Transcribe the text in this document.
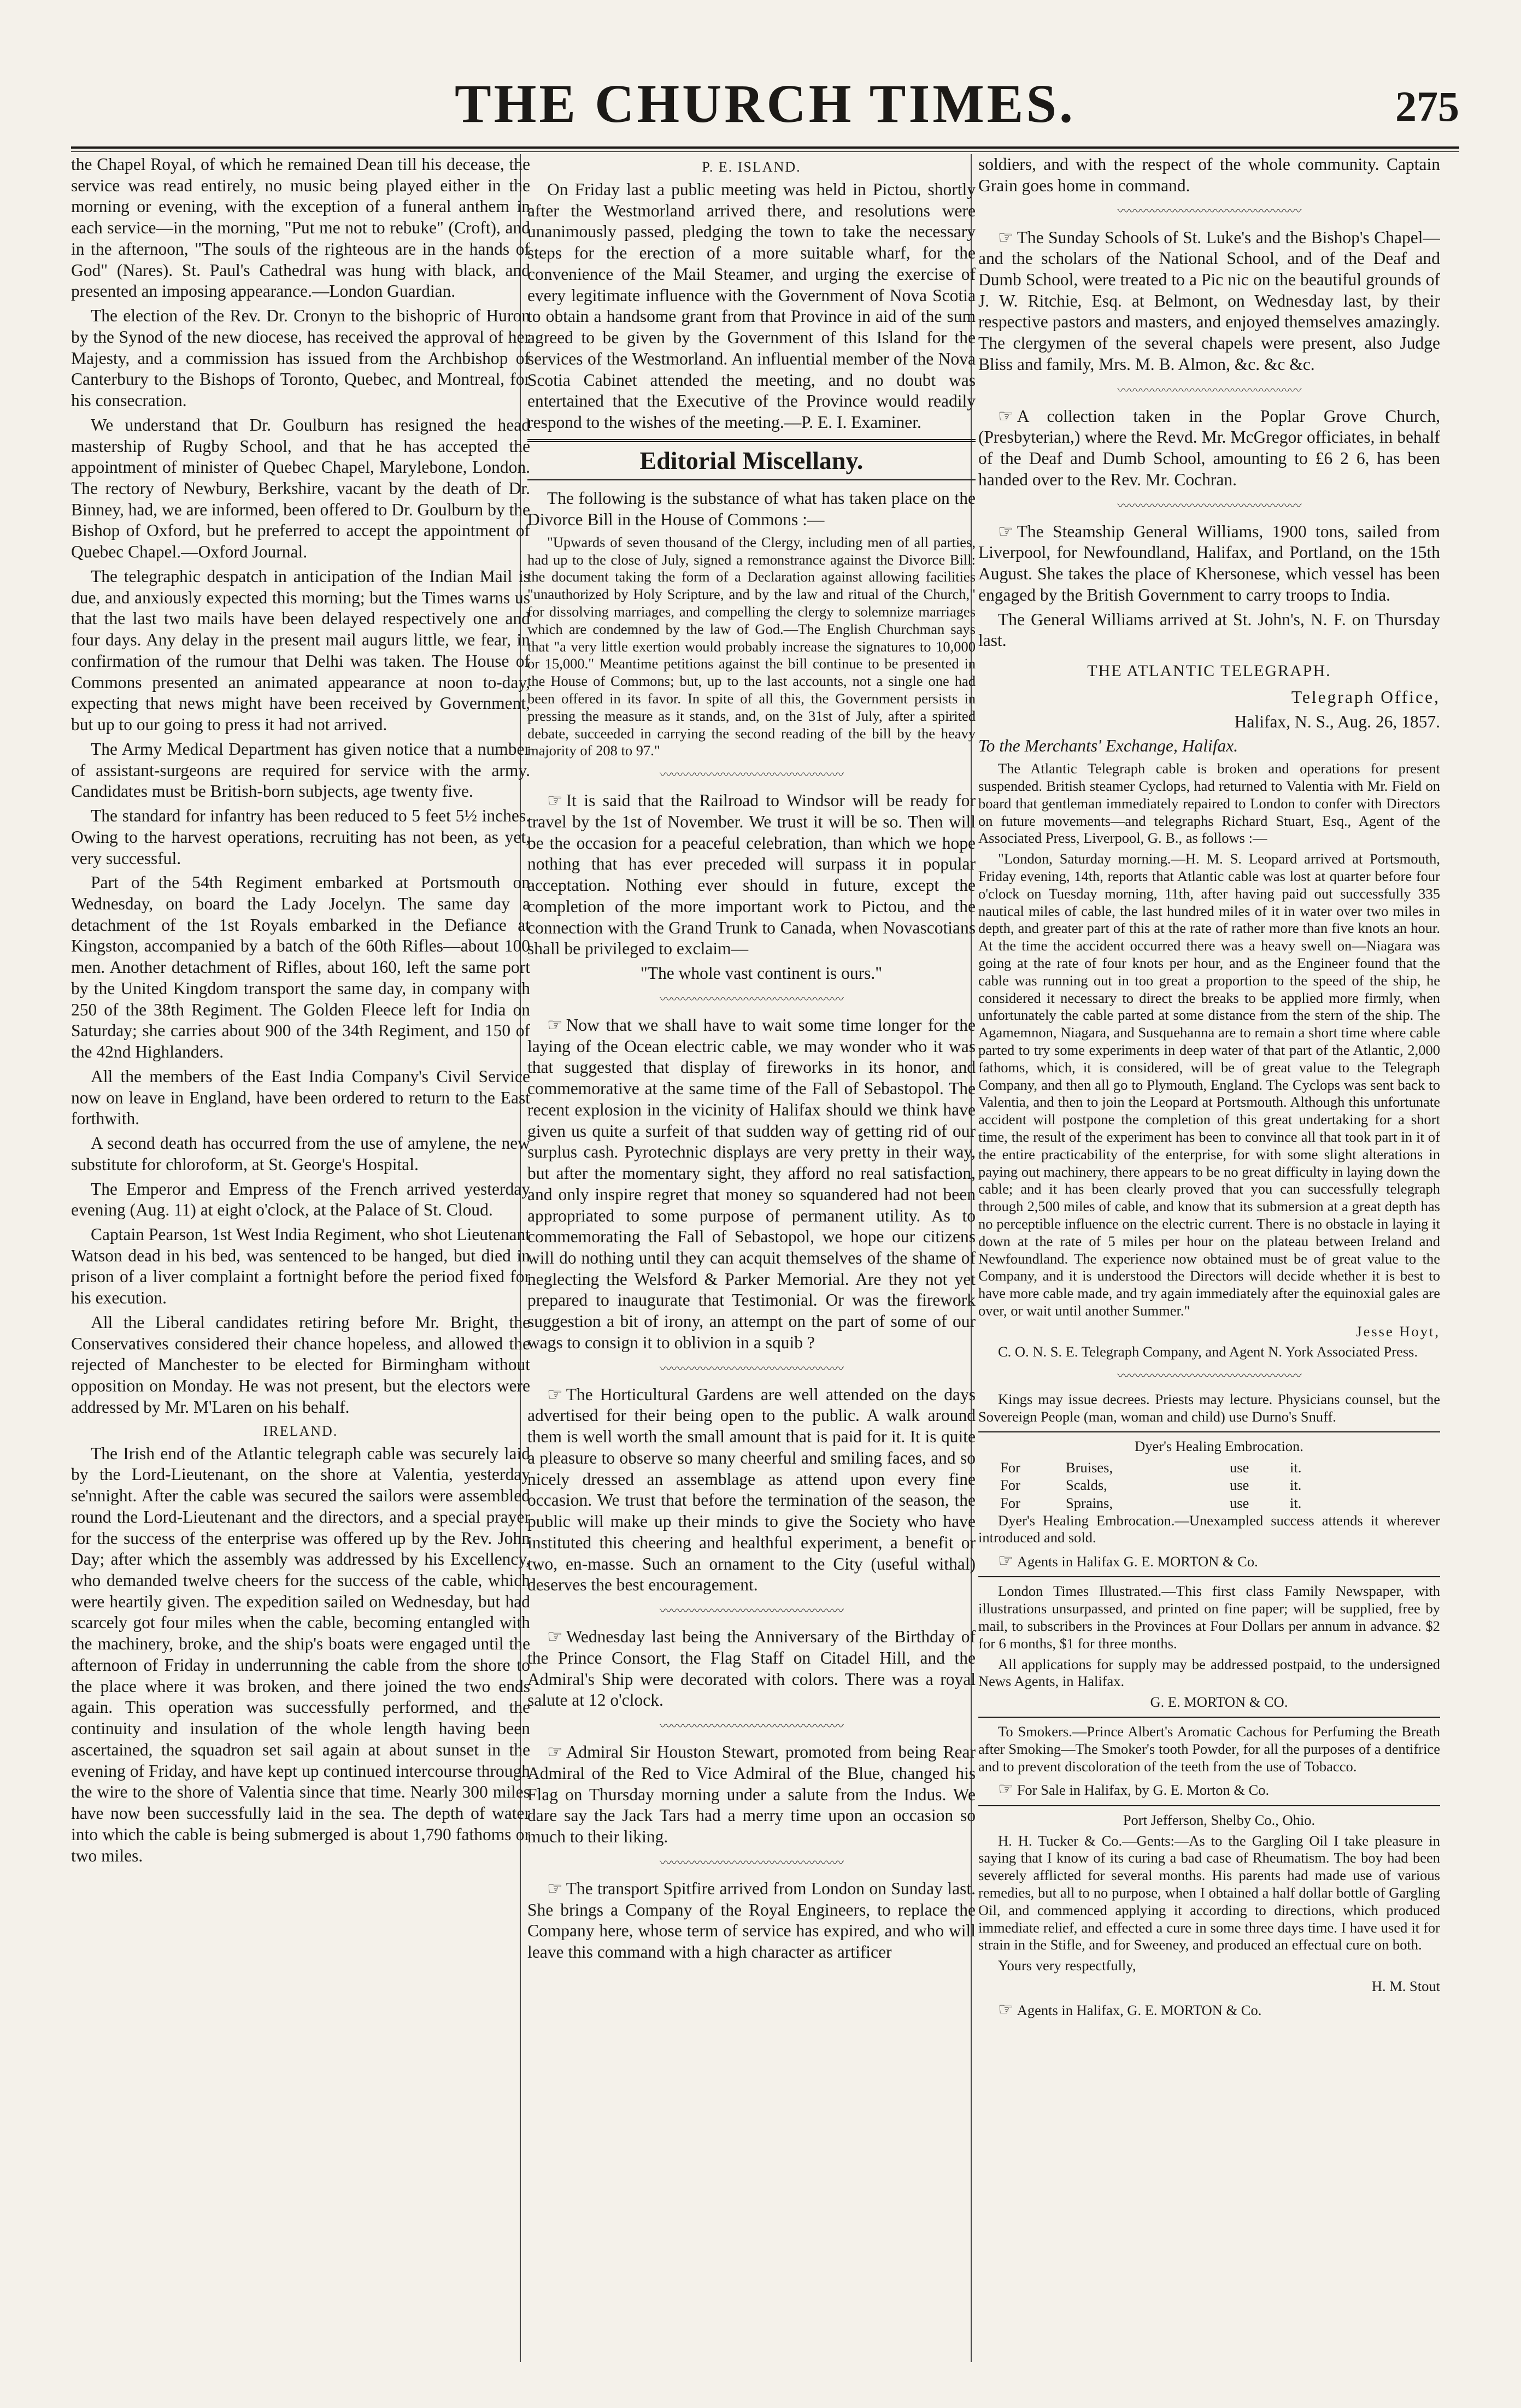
THE CHURCH TIMES.	275

the Chapel Royal, of which he remained Dean till his decease, the service was read entirely, no music being played either in the morning or evening, with the exception of a funeral anthem in each service—in the morning, "Put me not to rebuke" (Croft), and in the afternoon, "The souls of the righteous are in the hands of God" (Nares). St. Paul's Cathedral was hung with black, and presented an imposing appearance.—London Guardian.

The election of the Rev. Dr. Cronyn to the bishopric of Huron by the Synod of the new diocese, has received the approval of her Majesty, and a commission has issued from the Archbishop of Canterbury to the Bishops of Toronto, Quebec, and Montreal, for his consecration.

We understand that Dr. Goulburn has resigned the head mastership of Rugby School, and that he has accepted the appointment of minister of Quebec Chapel, Marylebone, London. The rectory of Newbury, Berkshire, vacant by the death of Dr. Binney, had, we are informed, been offered to Dr. Goulburn by the Bishop of Oxford, but he preferred to accept the appointment of Quebec Chapel.—Oxford Journal.

The telegraphic despatch in anticipation of the Indian Mail is due, and anxiously expected this morning; but the Times warns us that the last two mails have been delayed respectively one and four days. Any delay in the present mail augurs little, we fear, in confirmation of the rumour that Delhi was taken. The House of Commons presented an animated appearance at noon to-day, expecting that news might have been received by Government, but up to our going to press it had not arrived.

The Army Medical Department has given notice that a number of assistant-surgeons are required for service with the army. Candidates must be British-born subjects, age twenty five.

The standard for infantry has been reduced to 5 feet 5½ inches. Owing to the harvest operations, recruiting has not been, as yet, very successful.

Part of the 54th Regiment embarked at Portsmouth on Wednesday, on board the Lady Jocelyn. The same day a detachment of the 1st Royals embarked in the Defiance at Kingston, accompanied by a batch of the 60th Rifles—about 100 men. Another detachment of Rifles, about 160, left the same port by the United Kingdom transport the same day, in company with 250 of the 38th Regiment. The Golden Fleece left for India on Saturday; she carries about 900 of the 34th Regiment, and 150 of the 42nd Highlanders.

All the members of the East India Company's Civil Service now on leave in England, have been ordered to return to the East forthwith.

A second death has occurred from the use of amylene, the new substitute for chloroform, at St. George's Hospital.

The Emperor and Empress of the French arrived yesterday evening (Aug. 11) at eight o'clock, at the Palace of St. Cloud.

Captain Pearson, 1st West India Regiment, who shot Lieutenant Watson dead in his bed, was sentenced to be hanged, but died in prison of a liver complaint a fortnight before the period fixed for his execution.

All the Liberal candidates retiring before Mr. Bright, the Conservatives considered their chance hopeless, and allowed the rejected of Manchester to be elected for Birmingham without opposition on Monday. He was not present, but the electors were addressed by Mr. M'Laren on his behalf.

IRELAND.

The Irish end of the Atlantic telegraph cable was securely laid by the Lord-Lieutenant, on the shore at Valentia, yesterday se'nnight. After the cable was secured the sailors were assembled round the Lord-Lieutenant and the directors, and a special prayer for the success of the enterprise was offered up by the Rev. John Day; after which the assembly was addressed by his Excellency, who demanded twelve cheers for the success of the cable, which were heartily given. The expedition sailed on Wednesday, but had scarcely got four miles when the cable, becoming entangled with the machinery, broke, and the ship's boats were engaged until the afternoon of Friday in underrunning the cable from the shore to the place where it was broken, and there joined the two ends again. This operation was successfully performed, and the continuity and insulation of the whole length having been ascertained, the squadron set sail again at about sunset in the evening of Friday, and have kept up continued intercourse through the wire to the shore of Valentia since that time. Nearly 300 miles have now been successfully laid in the sea. The depth of water into which the cable is being submerged is about 1,790 fathoms or two miles.

P. E. ISLAND.

On Friday last a public meeting was held in Pictou, shortly after the Westmorland arrived there, and resolutions were unanimously passed, pledging the town to take the necessary steps for the erection of a more suitable wharf, for the convenience of the Mail Steamer, and urging the exercise of every legitimate influence with the Government of Nova Scotia to obtain a handsome grant from that Province in aid of the sum agreed to be given by the Government of this Island for the services of the Westmorland. An influential member of the Nova Scotia Cabinet attended the meeting, and no doubt was entertained that the Executive of the Province would readily respond to the wishes of the meeting.—P. E. I. Examiner.

Editorial Miscellany.

The following is the substance of what has taken place on the Divorce Bill in the House of Commons :—

"Upwards of seven thousand of the Clergy, including men of all parties, had up to the close of July, signed a remonstrance against the Divorce Bill: the document taking the form of a Declaration against allowing facilities "unauthorized by Holy Scripture, and by the law and ritual of the Church," for dissolving marriages, and compelling the clergy to solemnize marriages which are condemned by the law of God.—The English Churchman says that "a very little exertion would probably increase the signatures to 10,000 or 15,000." Meantime petitions against the bill continue to be presented in the House of Commons; but, up to the last accounts, not a single one had been offered in its favor. In spite of all this, the Government persists in pressing the measure as it stands, and, on the 31st of July, after a spirited debate, succeeded in carrying the second reading of the bill by the heavy majority of 208 to 97."

〰〰〰〰〰〰〰〰〰〰〰〰〰〰〰〰

☞ It is said that the Railroad to Windsor will be ready for travel by the 1st of November. We trust it will be so. Then will be the occasion for a peaceful celebration, than which we hope nothing that has ever preceded will surpass it in popular acceptation. Nothing ever should in future, except the completion of the more important work to Pictou, and the connection with the Grand Trunk to Canada, when Novascotians shall be privileged to exclaim—

"The whole vast continent is ours."

〰〰〰〰〰〰〰〰〰〰〰〰〰〰〰〰

☞ Now that we shall have to wait some time longer for the laying of the Ocean electric cable, we may wonder who it was that suggested that display of fireworks in its honor, and commemorative at the same time of the Fall of Sebastopol. The recent explosion in the vicinity of Halifax should we think have given us quite a surfeit of that sudden way of getting rid of our surplus cash. Pyrotechnic displays are very pretty in their way, but after the momentary sight, they afford no real satisfaction, and only inspire regret that money so squandered had not been appropriated to some purpose of permanent utility. As to commemorating the Fall of Sebastopol, we hope our citizens will do nothing until they can acquit themselves of the shame of neglecting the Welsford & Parker Memorial. Are they not yet prepared to inaugurate that Testimonial. Or was the firework suggestion a bit of irony, an attempt on the part of some of our wags to consign it to oblivion in a squib ?

〰〰〰〰〰〰〰〰〰〰〰〰〰〰〰〰

☞ The Horticultural Gardens are well attended on the days advertised for their being open to the public. A walk around them is well worth the small amount that is paid for it. It is quite a pleasure to observe so many cheerful and smiling faces, and so nicely dressed an assemblage as attend upon every fine occasion. We trust that before the termination of the season, the public will make up their minds to give the Society who have instituted this cheering and healthful experiment, a benefit or two, en-masse. Such an ornament to the City (useful withal) deserves the best encouragement.

〰〰〰〰〰〰〰〰〰〰〰〰〰〰〰〰

☞ Wednesday last being the Anniversary of the Birthday of the Prince Consort, the Flag Staff on Citadel Hill, and the Admiral's Ship were decorated with colors. There was a royal salute at 12 o'clock.

〰〰〰〰〰〰〰〰〰〰〰〰〰〰〰〰

☞ Admiral Sir Houston Stewart, promoted from being Rear Admiral of the Red to Vice Admiral of the Blue, changed his Flag on Thursday morning under a salute from the Indus. We dare say the Jack Tars had a merry time upon an occasion so much to their liking.

〰〰〰〰〰〰〰〰〰〰〰〰〰〰〰〰

☞ The transport Spitfire arrived from London on Sunday last. She brings a Company of the Royal Engineers, to replace the Company here, whose term of service has expired, and who will leave this command with a high character as artificer

soldiers, and with the respect of the whole community. Captain Grain goes home in command.

〰〰〰〰〰〰〰〰〰〰〰〰〰〰〰〰

☞ The Sunday Schools of St. Luke's and the Bishop's Chapel—and the scholars of the National School, and of the Deaf and Dumb School, were treated to a Pic nic on the beautiful grounds of J. W. Ritchie, Esq. at Belmont, on Wednesday last, by their respective pastors and masters, and enjoyed themselves amazingly. The clergymen of the several chapels were present, also Judge Bliss and family, Mrs. M. B. Almon, &c. &c &c.

〰〰〰〰〰〰〰〰〰〰〰〰〰〰〰〰

☞ A collection taken in the Poplar Grove Church, (Presbyterian,) where the Revd. Mr. McGregor officiates, in behalf of the Deaf and Dumb School, amounting to £6 2 6, has been handed over to the Rev. Mr. Cochran.

〰〰〰〰〰〰〰〰〰〰〰〰〰〰〰〰

☞ The Steamship General Williams, 1900 tons, sailed from Liverpool, for Newfoundland, Halifax, and Portland, on the 15th August. She takes the place of Khersonese, which vessel has been engaged by the British Government to carry troops to India.

The General Williams arrived at St. John's, N. F. on Thursday last.

THE ATLANTIC TELEGRAPH.

Telegraph Office,

Halifax, N. S., Aug. 26, 1857.

To the Merchants' Exchange, Halifax.

The Atlantic Telegraph cable is broken and operations for present suspended. British steamer Cyclops, had returned to Valentia with Mr. Field on board that gentleman immediately repaired to London to confer with Directors on future movements—and telegraphs Richard Stuart, Esq., Agent of the Associated Press, Liverpool, G. B., as follows :—

"London, Saturday morning.—H. M. S. Leopard arrived at Portsmouth, Friday evening, 14th, reports that Atlantic cable was lost at quarter before four o'clock on Tuesday morning, 11th, after having paid out successfully 335 nautical miles of cable, the last hundred miles of it in water over two miles in depth, and greater part of this at the rate of rather more than five knots an hour. At the time the accident occurred there was a heavy swell on—Niagara was going at the rate of four knots per hour, and as the Engineer found that the cable was running out in too great a proportion to the speed of the ship, he considered it necessary to direct the breaks to be applied more firmly, when unfortunately the cable parted at some distance from the stern of the ship. The Agamemnon, Niagara, and Susquehanna are to remain a short time where cable parted to try some experiments in deep water of that part of the Atlantic, 2,000 fathoms, which, it is considered, will be of great value to the Telegraph Company, and then all go to Plymouth, England. The Cyclops was sent back to Valentia, and then to join the Leopard at Portsmouth. Although this unfortunate accident will postpone the completion of this great undertaking for a short time, the result of the experiment has been to convince all that took part in it of the entire practicability of the enterprise, for with some slight alterations in paying out machinery, there appears to be no great difficulty in laying down the cable; and it has been clearly proved that you can successfully telegraph through 2,500 miles of cable, and know that its submersion at a great depth has no perceptible influence on the electric current. There is no obstacle in laying it down at the rate of 5 miles per hour on the plateau between Ireland and Newfoundland. The experience now obtained must be of great value to the Company, and it is understood the Directors will decide whether it is best to have more cable made, and try again immediately after the equinoxial gales are over, or wait until another Summer."

Jesse Hoyt,

C. O. N. S. E. Telegraph Company, and Agent N. York Associated Press.

〰〰〰〰〰〰〰〰〰〰〰〰〰〰〰〰

Kings may issue decrees. Priests may lecture. Physicians counsel, but the Sovereign People (man, woman and child) use Durno's Snuff.

Dyer's Healing Embrocation.

For	Bruises,	use	it.
For	Scalds,	use	it.
For	Sprains,	use	it.

Dyer's Healing Embrocation.—Unexampled success attends it wherever introduced and sold.

☞ Agents in Halifax G. E. MORTON & Co.

London Times Illustrated.—This first class Family Newspaper, with illustrations unsurpassed, and printed on fine paper; will be supplied, free by mail, to subscribers in the Provinces at Four Dollars per annum in advance. $2 for 6 months, $1 for three months.

All applications for supply may be addressed postpaid, to the undersigned News Agents, in Halifax.

G. E. MORTON & CO.

To Smokers.—Prince Albert's Aromatic Cachous for Perfuming the Breath after Smoking—The Smoker's tooth Powder, for all the purposes of a dentifrice and to prevent discoloration of the teeth from the use of Tobacco.

☞ For Sale in Halifax, by G. E. Morton & Co.

Port Jefferson, Shelby Co., Ohio.

H. H. Tucker & Co.—Gents:—As to the Gargling Oil I take pleasure in saying that I know of its curing a bad case of Rheumatism. The boy had been severely afflicted for several months. His parents had made use of various remedies, but all to no purpose, when I obtained a half dollar bottle of Gargling Oil, and commenced applying it according to directions, which produced immediate relief, and effected a cure in some three days time. I have used it for strain in the Stifle, and for Sweeney, and produced an effectual cure on both.

Yours very respectfully,

H. M. Stout

☞ Agents in Halifax, G. E. MORTON & Co.
